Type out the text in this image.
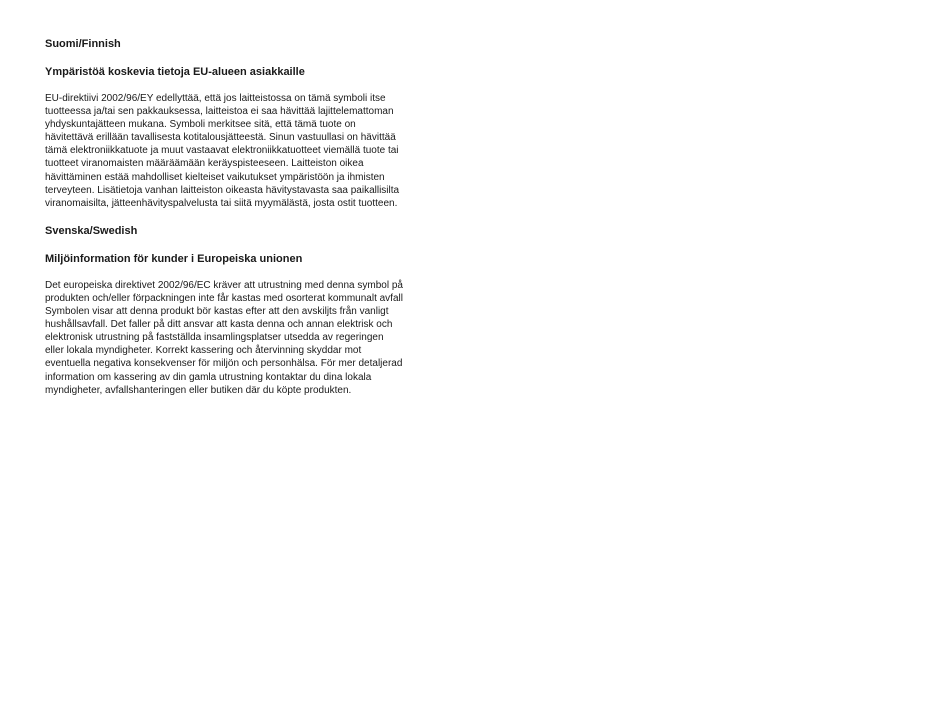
Suomi/Finnish

Ympäristöä koskevia tietoja EU-alueen asiakkaille

EU-direktiivi 2002/96/EY edellyttää, että jos laitteistossa on tämä symboli itse
tuotteessa ja/tai sen pakkauksessa, laitteistoa ei saa hävittää lajittelemattoman
yhdyskuntajätteen mukana. Symboli merkitsee sitä, että tämä tuote on
hävitettävä erillään tavallisesta kotitalousjätteestä. Sinun vastuullasi on hävittää
tämä elektroniikkatuote ja muut vastaavat elektroniikkatuotteet viemällä tuote tai
tuotteet viranomaisten määräämään keräyspisteeseen. Laitteiston oikea
hävittäminen estää mahdolliset kielteiset vaikutukset ympäristöön ja ihmisten
terveyteen. Lisätietoja vanhan laitteiston oikeasta hävitystavasta saa paikallisilta
viranomaisilta, jätteenhävityspalvelusta tai siitä myymälästä, josta ostit tuotteen.

Svenska/Swedish

Miljöinformation för kunder i Europeiska unionen

Det europeiska direktivet 2002/96/EC kräver att utrustning med denna symbol på
produkten och/eller förpackningen inte får kastas med osorterat kommunalt avfall
Symbolen visar att denna produkt bör kastas efter att den avskiljts från vanligt
hushållsavfall. Det faller på ditt ansvar att kasta denna och annan elektrisk och
elektronisk utrustning på fastställda insamlingsplatser utsedda av regeringen
eller lokala myndigheter. Korrekt kassering och återvinning skyddar mot
eventuella negativa konsekvenser för miljön och personhälsa. För mer detaljerad
information om kassering av din gamla utrustning kontaktar du dina lokala
myndigheter, avfallshanteringen eller butiken där du köpte produkten.
